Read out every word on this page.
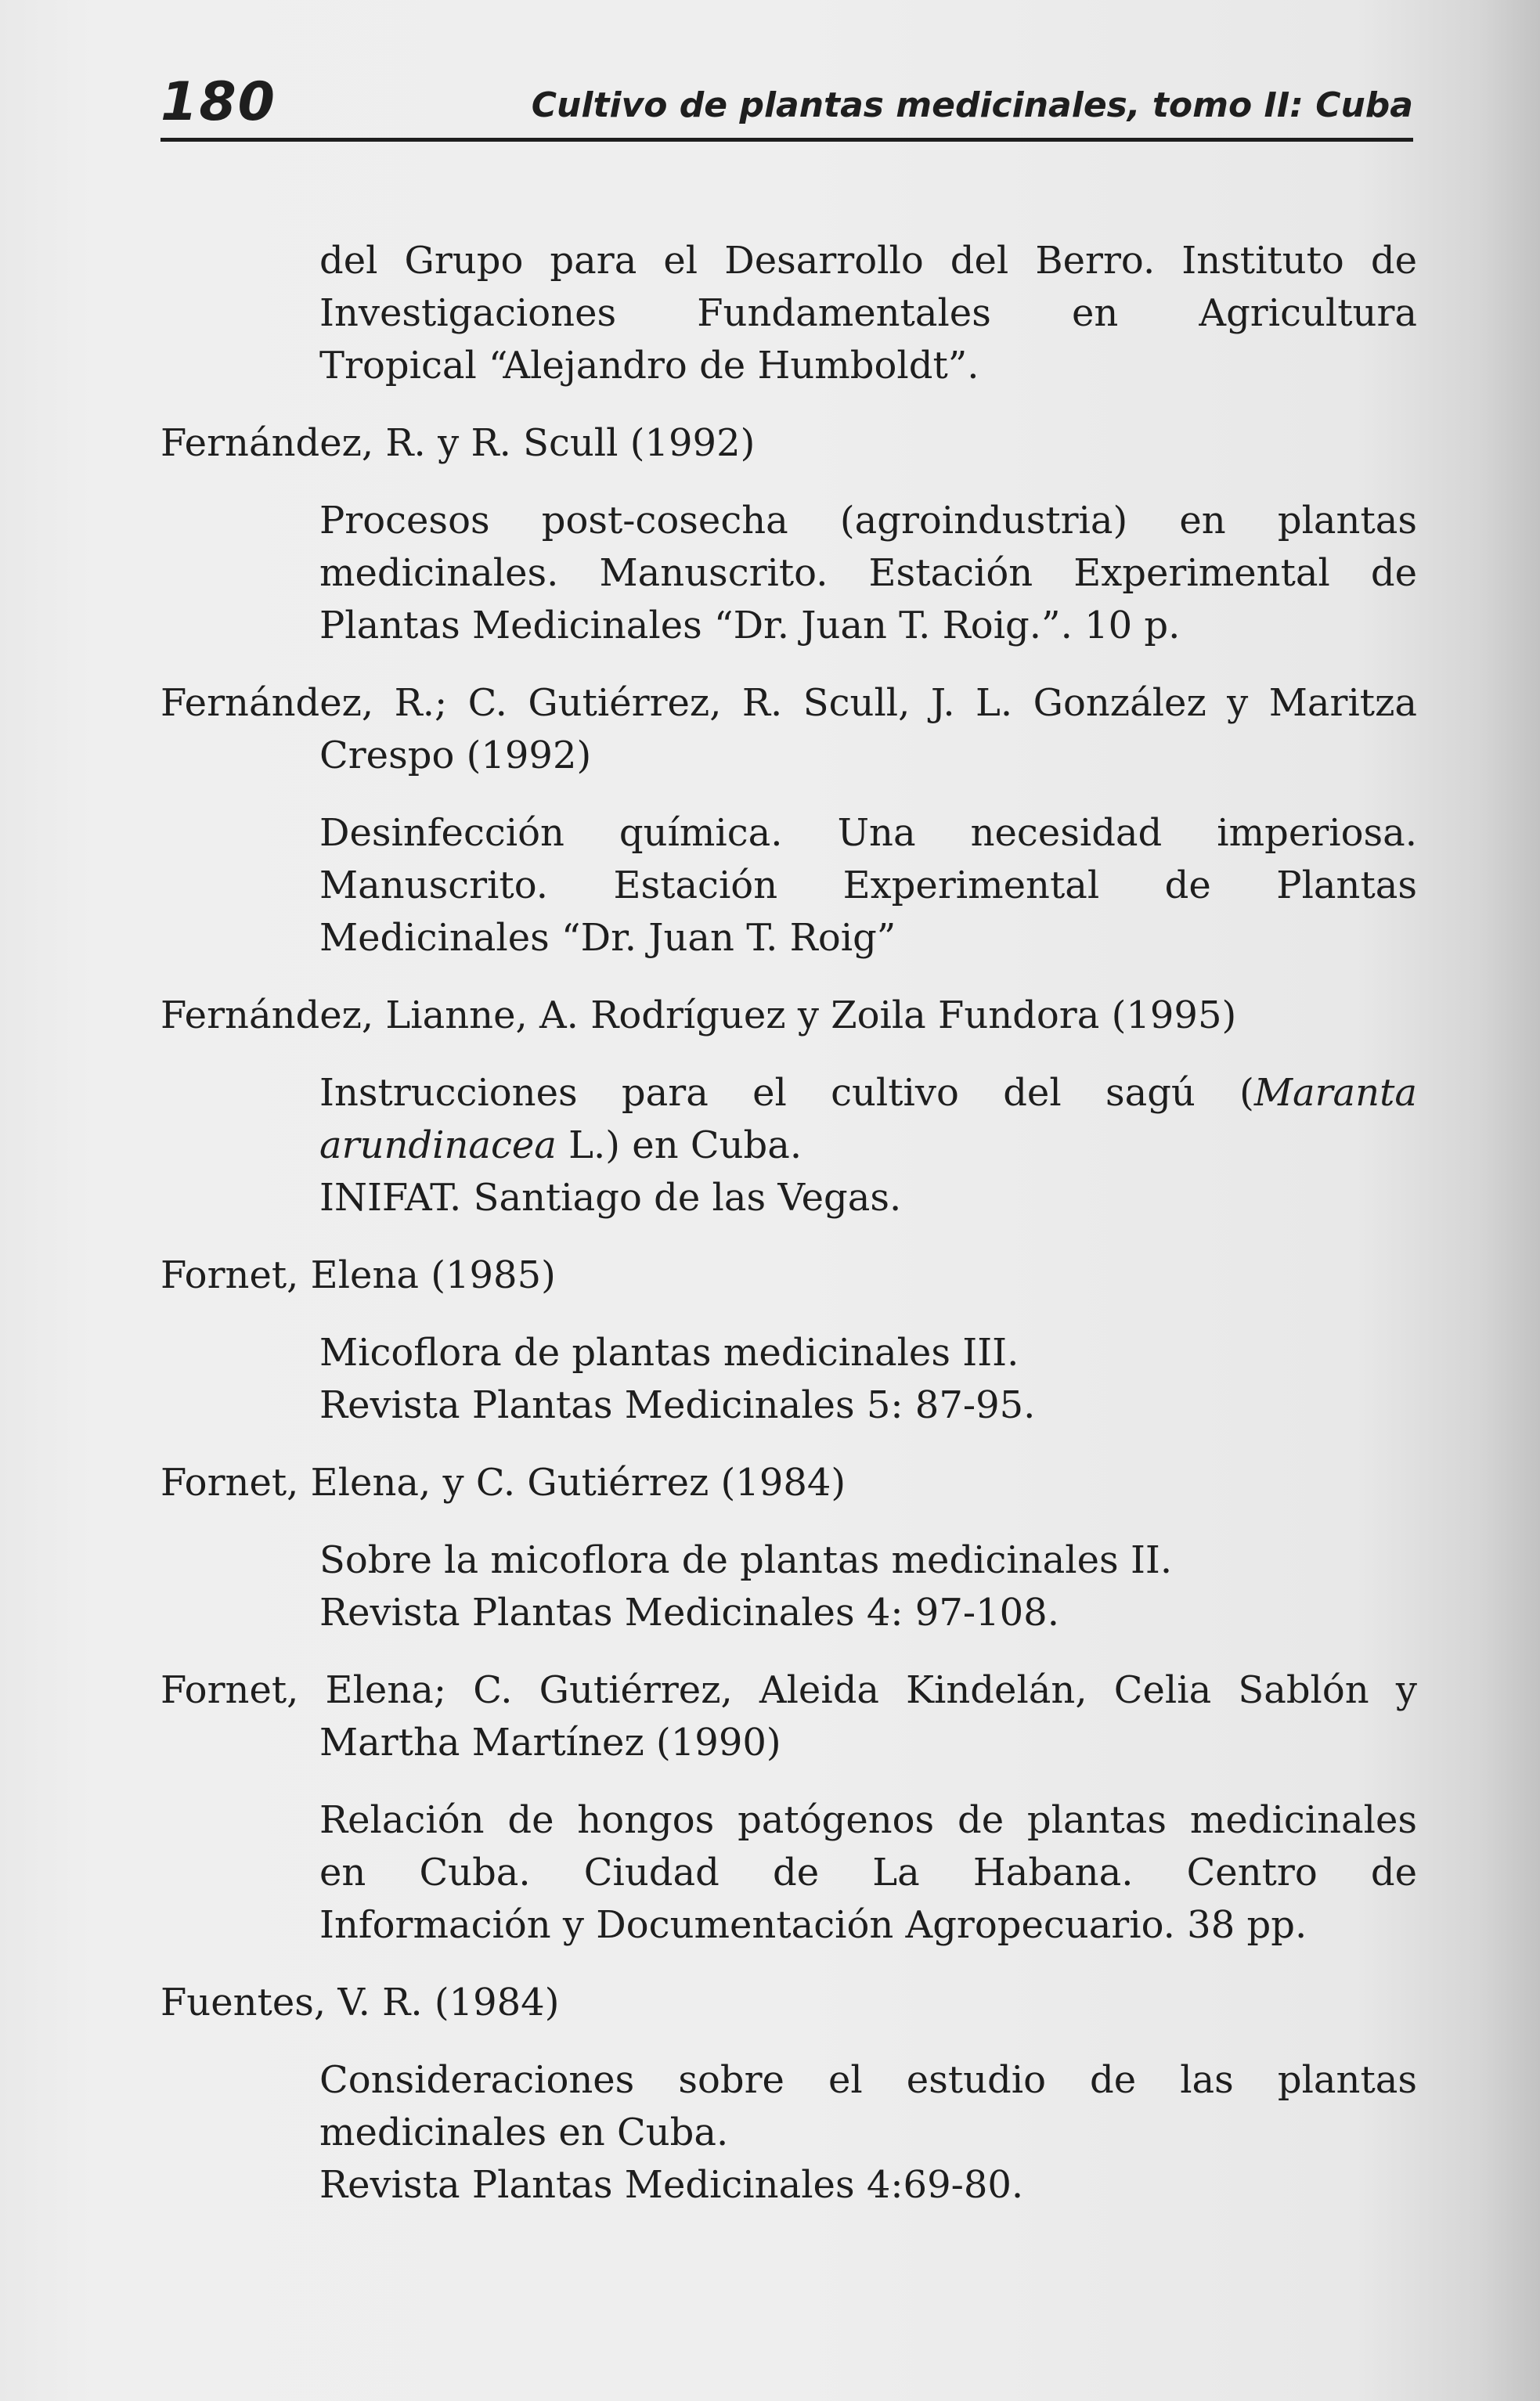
180	Cultivo de plantas medicinales, tomo II: Cuba
del Grupo para el Desarrollo del Berro. Instituto de
Investigaciones Fundamentales en Agricultura
Tropical “Alejandro de Humboldt”.
Fernández, R. y R. Scull (1992)
Procesos post-cosecha (agroindustria) en plantas
medicinales. Manuscrito. Estación Experimental de
Plantas Medicinales “Dr. Juan T. Roig.”. 10 p.
Fernández, R.; C. Gutiérrez, R. Scull, J. L. González y Maritza
Crespo (1992)
Desinfección química. Una necesidad imperiosa.
Manuscrito. Estación Experimental de Plantas
Medicinales “Dr. Juan T. Roig”
Fernández, Lianne, A. Rodríguez y Zoila Fundora (1995)
Instrucciones para el cultivo del sagú (Maranta
arundinacea L.) en Cuba.
INIFAT. Santiago de las Vegas.
Fornet, Elena (1985)
Micoflora de plantas medicinales III.
Revista Plantas Medicinales 5: 87-95.
Fornet, Elena, y C. Gutiérrez (1984)
Sobre la micoflora de plantas medicinales II.
Revista Plantas Medicinales 4: 97-108.
Fornet, Elena; C. Gutiérrez, Aleida Kindelán, Celia Sablón y
Martha Martínez (1990)
Relación de hongos patógenos de plantas medicinales
en Cuba. Ciudad de La Habana. Centro de
Información y Documentación Agropecuario. 38 pp.
Fuentes, V. R. (1984)
Consideraciones sobre el estudio de las plantas
medicinales en Cuba.
Revista Plantas Medicinales 4:69-80.
